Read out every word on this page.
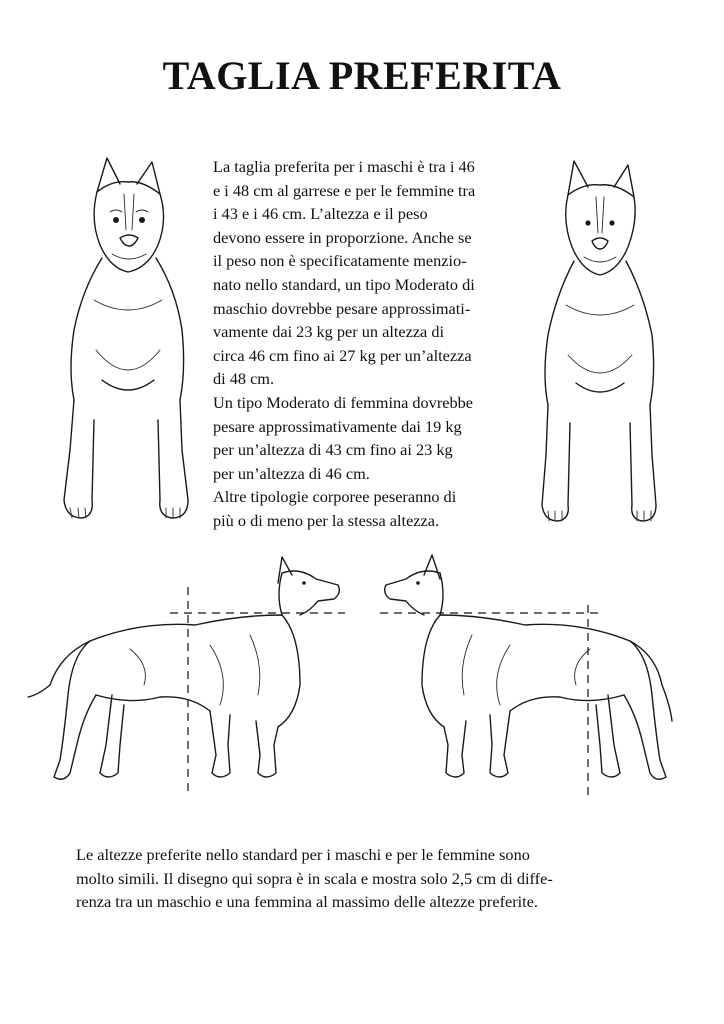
TAGLIA PREFERITA
La taglia preferita per i maschi è tra i 46
e i 48 cm al garrese e per le femmine tra
i 43 e i 46 cm. L’altezza e il peso
devono essere in proporzione. Anche se
il peso non è specificatamente menzio-
nato nello standard, un tipo Moderato di
maschio dovrebbe pesare approssimati-
vamente dai 23 kg per un altezza di
circa 46 cm fino ai 27 kg per un’altezza
di 48 cm.
Un tipo Moderato di femmina dovrebbe
pesare approssimativamente dai 19 kg
per un’altezza di 43 cm fino ai 23 kg
per un’altezza di 46 cm.
Altre tipologie corporee peseranno di
più o di meno per la stessa altezza.
Le altezze preferite nello standard per i maschi e per le femmine sono
molto simili. Il disegno qui sopra è in scala e mostra solo 2,5 cm di diffe-
renza tra un maschio e una femmina al massimo delle altezze preferite.
